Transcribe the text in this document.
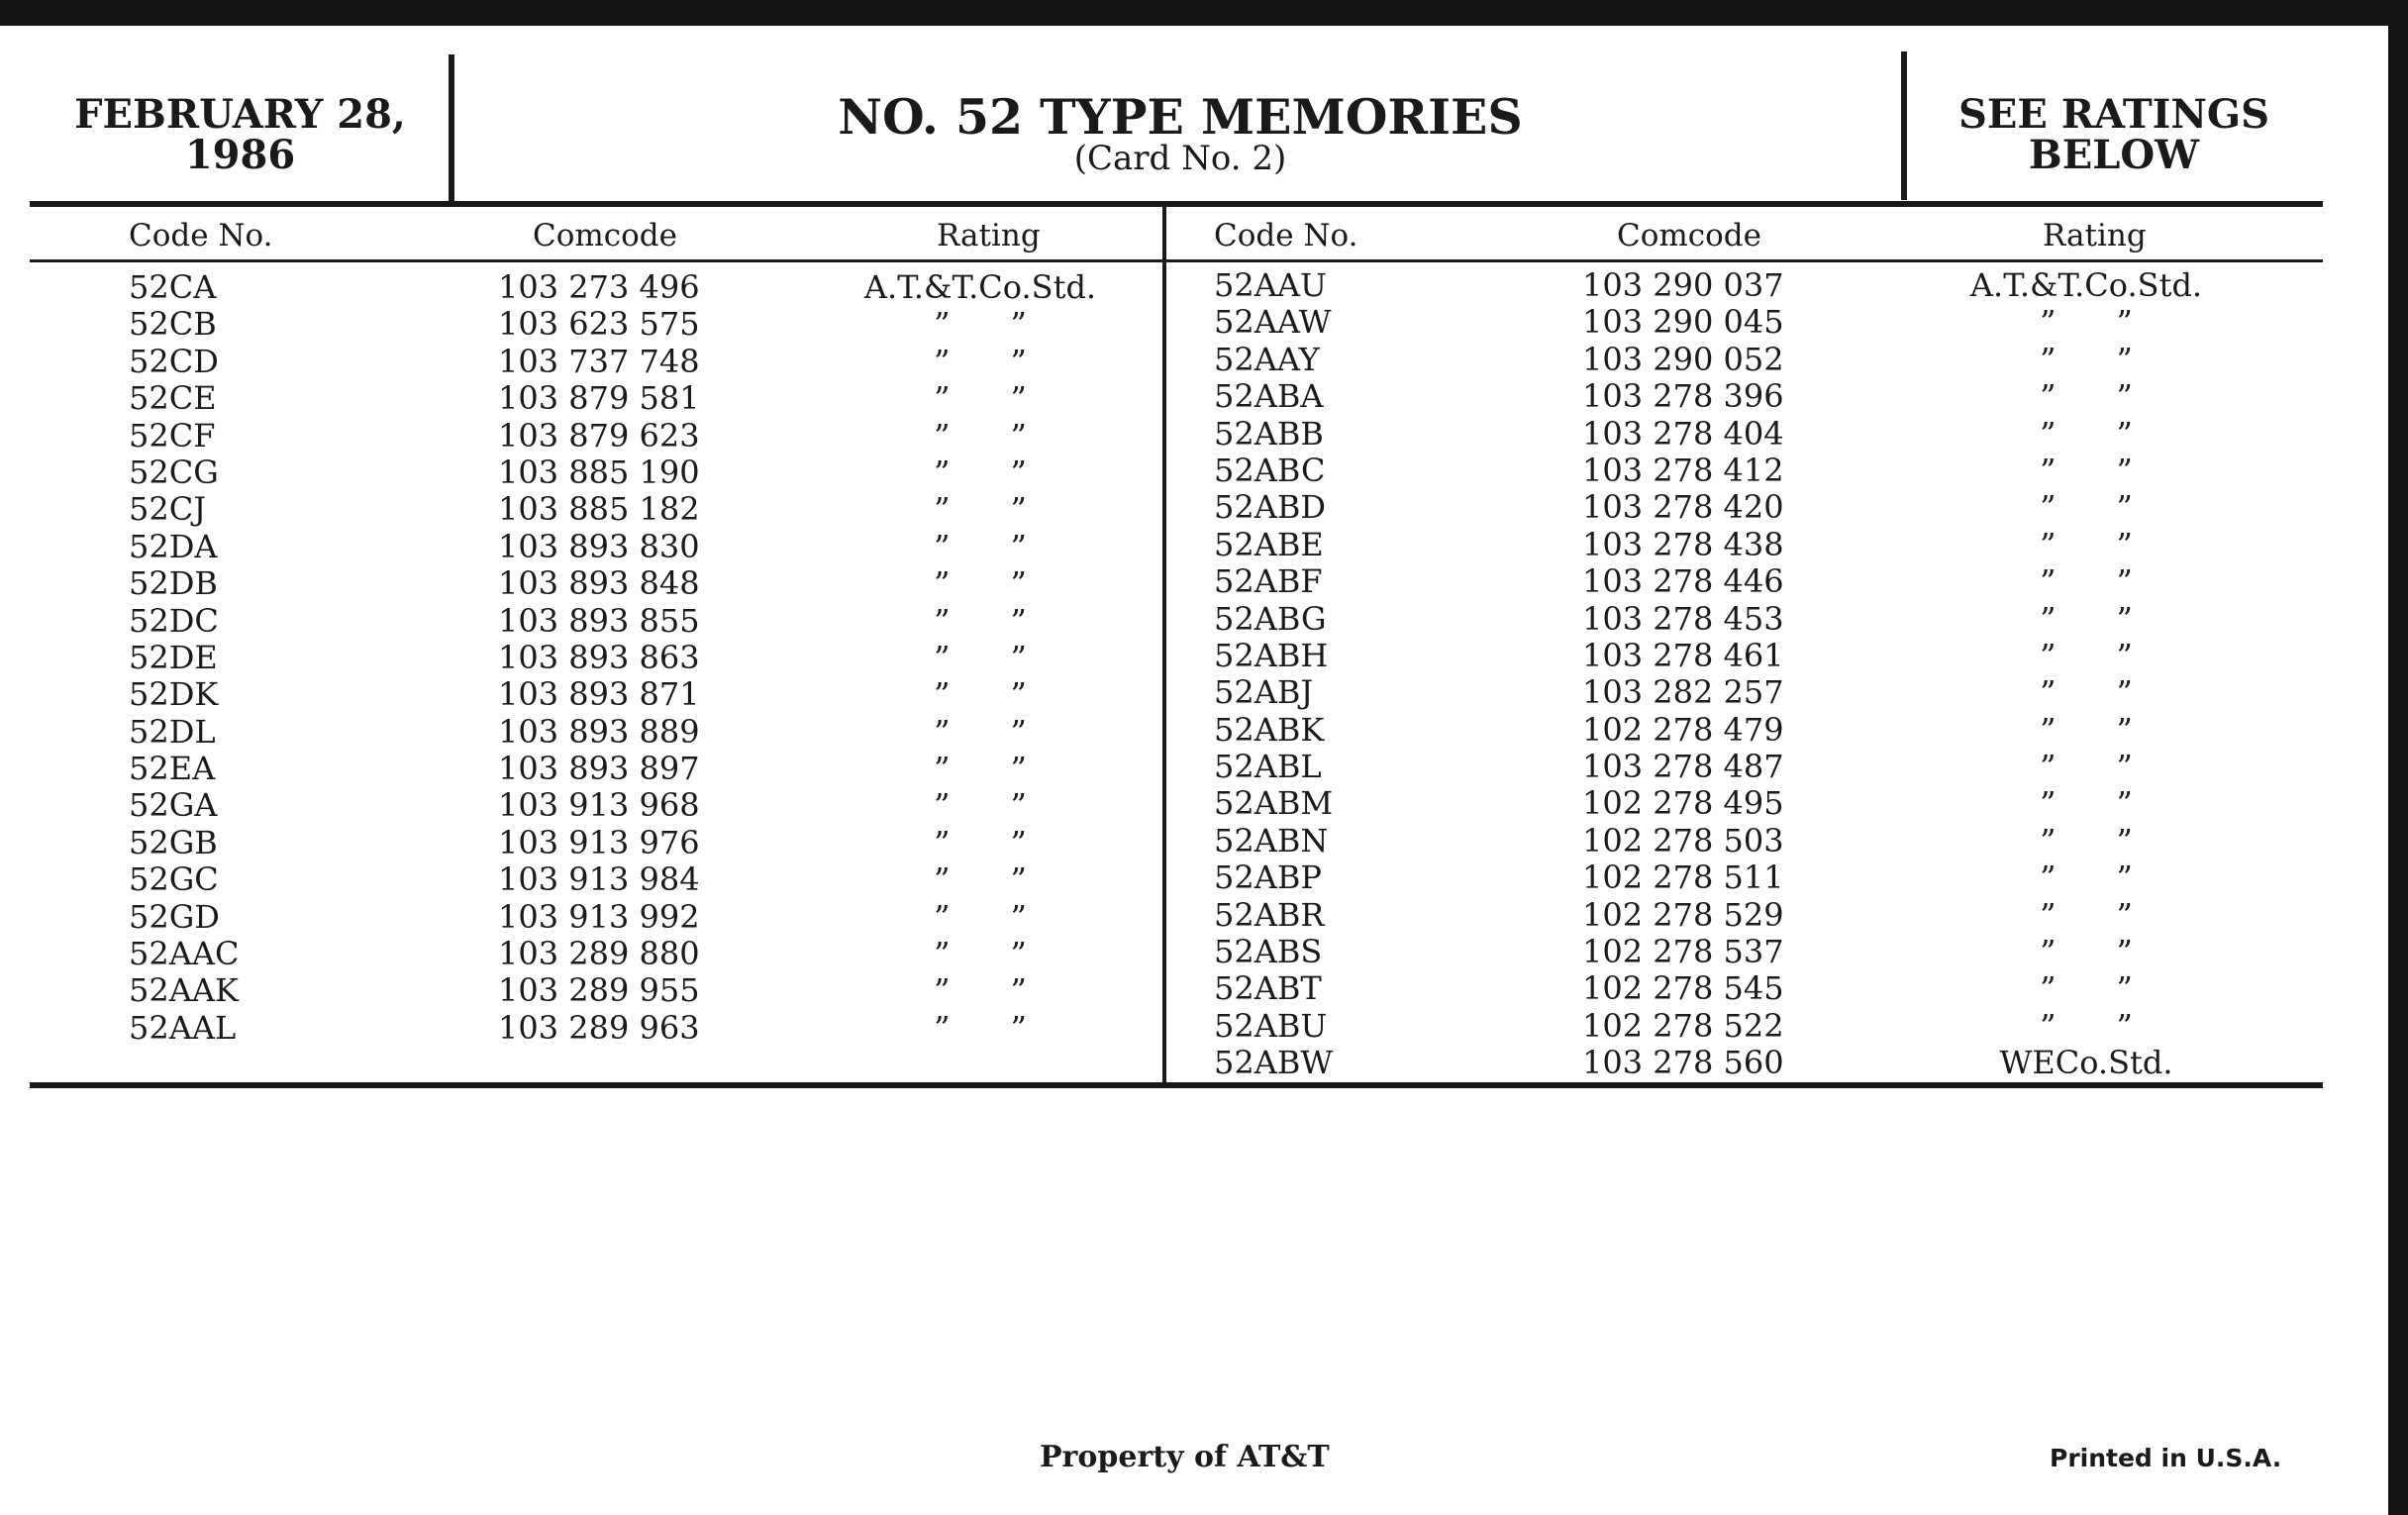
FEBRUARY 28,
1986
NO. 52 TYPE MEMORIES
(Card No. 2)
SEE RATINGS
BELOW
Code No.	Comcode	Rating	Code No.	Comcode	Rating
52CA	103 273 496	A.T.&T.Co.Std.
52CB	103 623 575	”      ”
52CD	103 737 748	”      ”
52CE	103 879 581	”      ”
52CF	103 879 623	”      ”
52CG	103 885 190	”      ”
52CJ	103 885 182	”      ”
52DA	103 893 830	”      ”
52DB	103 893 848	”      ”
52DC	103 893 855	”      ”
52DE	103 893 863	”      ”
52DK	103 893 871	”      ”
52DL	103 893 889	”      ”
52EA	103 893 897	”      ”
52GA	103 913 968	”      ”
52GB	103 913 976	”      ”
52GC	103 913 984	”      ”
52GD	103 913 992	”      ”
52AAC	103 289 880	”      ”
52AAK	103 289 955	”      ”
52AAL	103 289 963	”      ”
52AAU	103 290 037	A.T.&T.Co.Std.
52AAW	103 290 045	”      ”
52AAY	103 290 052	”      ”
52ABA	103 278 396	”      ”
52ABB	103 278 404	”      ”
52ABC	103 278 412	”      ”
52ABD	103 278 420	”      ”
52ABE	103 278 438	”      ”
52ABF	103 278 446	”      ”
52ABG	103 278 453	”      ”
52ABH	103 278 461	”      ”
52ABJ	103 282 257	”      ”
52ABK	102 278 479	”      ”
52ABL	103 278 487	”      ”
52ABM	102 278 495	”      ”
52ABN	102 278 503	”      ”
52ABP	102 278 511	”      ”
52ABR	102 278 529	”      ”
52ABS	102 278 537	”      ”
52ABT	102 278 545	”      ”
52ABU	102 278 522	”      ”
52ABW	103 278 560	WECo.Std.
Property of AT&T	Printed in U.S.A.
